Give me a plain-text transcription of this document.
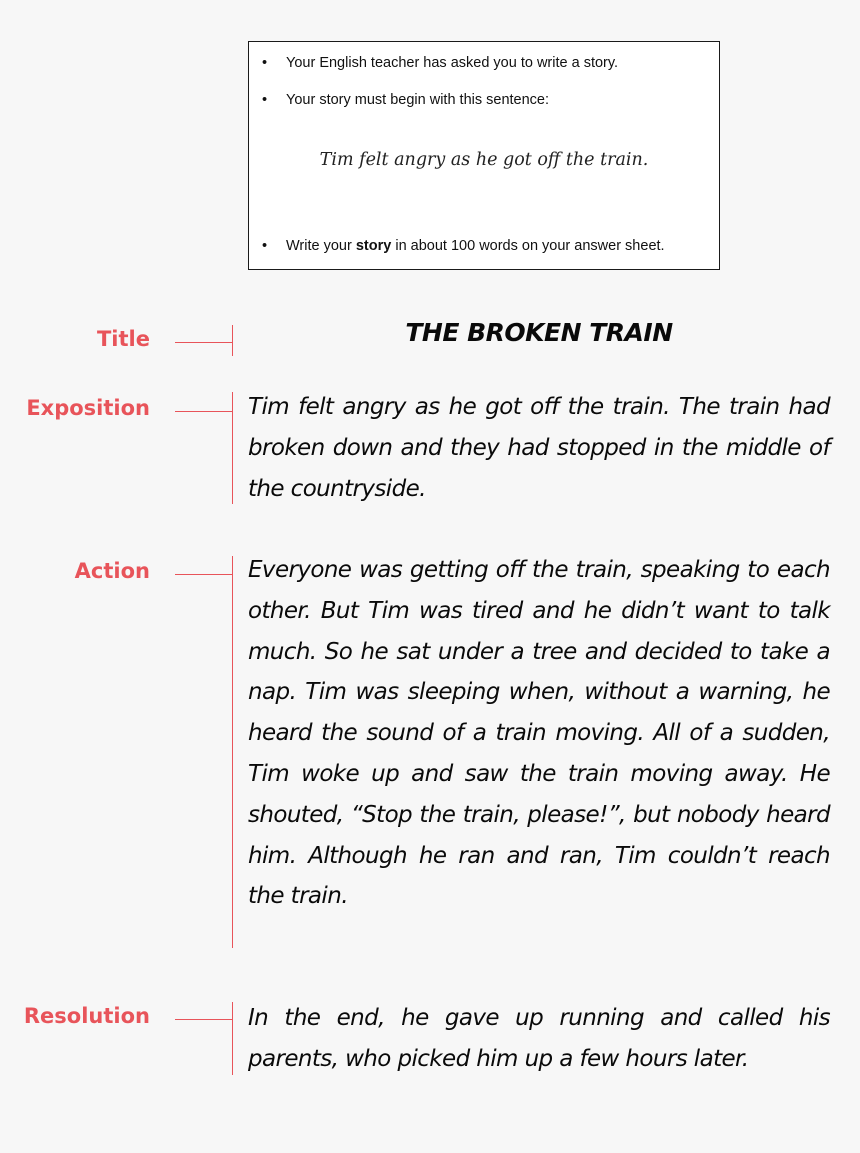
• Your English teacher has asked you to write a story.
• Your story must begin with this sentence:
Tim felt angry as he got off the train.
• Write your story in about 100 words on your answer sheet.
Title	THE BROKEN TRAIN
Exposition	Tim felt angry as he got off the train. The train had broken down and they had stopped in the middle of the countryside.

Action	Everyone was getting off the train, speaking to each other. But Tim was tired and he didn’t want to talk much. So he sat under a tree and decided to take a nap. Tim was sleeping when, without a warning, he heard the sound of a train moving. All of a sudden, Tim woke up and saw the train moving away. He shouted, “Stop the train, please!”, but nobody heard him. Although he ran and ran, Tim couldn’t reach the train.

Resolution	In the end, he gave up running and called his parents, who picked him up a few hours later.
